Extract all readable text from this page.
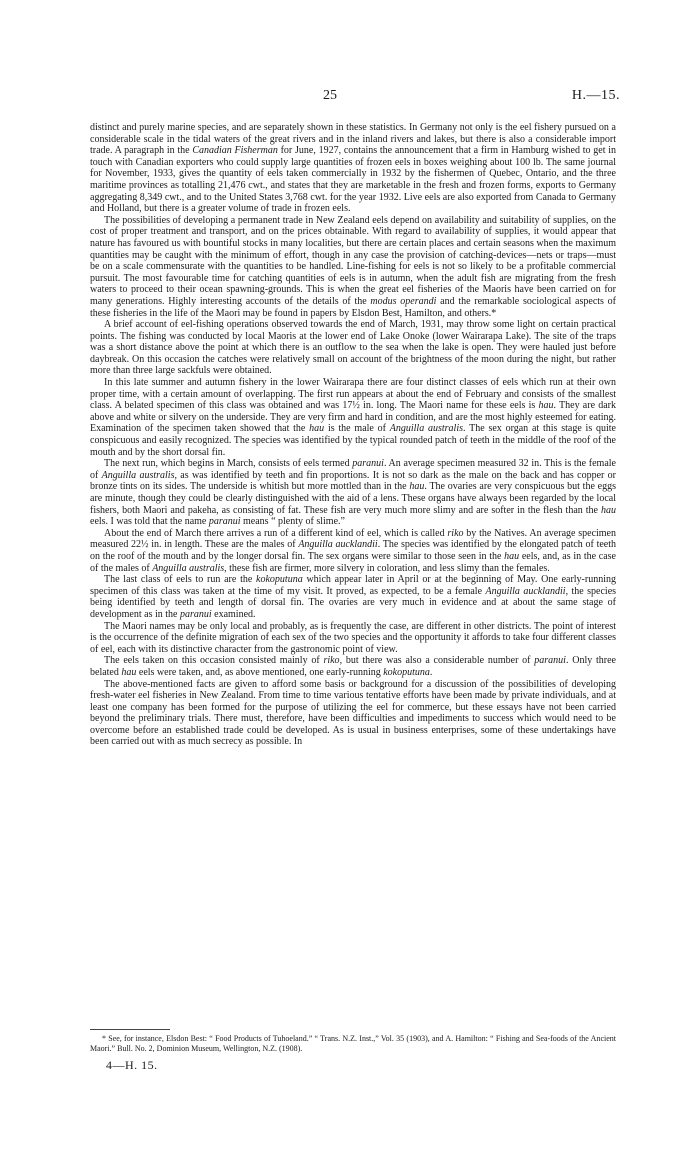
25	H.—15.

distinct and purely marine species, and are separately shown in these statistics. In Germany not only is the eel fishery pursued on a considerable scale in the tidal waters of the great rivers and in the inland rivers and lakes, but there is also a considerable import trade. A paragraph in the Canadian Fisherman for June, 1927, contains the announcement that a firm in Hamburg wished to get in touch with Canadian exporters who could supply large quantities of frozen eels in boxes weighing about 100 lb. The same journal for November, 1933, gives the quantity of eels taken commercially in 1932 by the fishermen of Quebec, Ontario, and the three maritime provinces as totalling 21,476 cwt., and states that they are marketable in the fresh and frozen forms, exports to Germany aggregating 8,349 cwt., and to the United States 3,768 cwt. for the year 1932. Live eels are also exported from Canada to Germany and Holland, but there is a greater volume of trade in frozen eels.

The possibilities of developing a permanent trade in New Zealand eels depend on availability and suitability of supplies, on the cost of proper treatment and transport, and on the prices obtainable. With regard to availability of supplies, it would appear that nature has favoured us with bountiful stocks in many localities, but there are certain places and certain seasons when the maximum quantities may be caught with the minimum of effort, though in any case the provision of catching-devices—nets or traps—must be on a scale commensurate with the quantities to be handled. Line-fishing for eels is not so likely to be a profitable commercial pursuit. The most favourable time for catching quantities of eels is in autumn, when the adult fish are migrating from the fresh waters to proceed to their ocean spawning-grounds. This is when the great eel fisheries of the Maoris have been carried on for many generations. Highly interesting accounts of the details of the modus operandi and the remarkable sociological aspects of these fisheries in the life of the Maori may be found in papers by Elsdon Best, Hamilton, and others.*

A brief account of eel-fishing operations observed towards the end of March, 1931, may throw some light on certain practical points. The fishing was conducted by local Maoris at the lower end of Lake Onoke (lower Wairarapa Lake). The site of the traps was a short distance above the point at which there is an outflow to the sea when the lake is open. They were hauled just before daybreak. On this occasion the catches were relatively small on account of the brightness of the moon during the night, but rather more than three large sackfuls were obtained.

In this late summer and autumn fishery in the lower Wairarapa there are four distinct classes of eels which run at their own proper time, with a certain amount of overlapping. The first run appears at about the end of February and consists of the smallest class. A belated specimen of this class was obtained and was 17½ in. long. The Maori name for these eels is hau. They are dark above and white or silvery on the underside. They are very firm and hard in condition, and are the most highly esteemed for eating. Examination of the specimen taken showed that the hau is the male of Anguilla australis. The sex organ at this stage is quite conspicuous and easily recognized. The species was identified by the typical rounded patch of teeth in the middle of the roof of the mouth and by the short dorsal fin.

The next run, which begins in March, consists of eels termed paranui. An average specimen measured 32 in. This is the female of Anguilla australis, as was identified by teeth and fin proportions. It is not so dark as the male on the back and has copper or bronze tints on its sides. The underside is whitish but more mottled than in the hau. The ovaries are very conspicuous but the eggs are minute, though they could be clearly distinguished with the aid of a lens. These organs have always been regarded by the local fishers, both Maori and pakeha, as consisting of fat. These fish are very much more slimy and are softer in the flesh than the hau eels. I was told that the name paranui means “ plenty of slime.”

About the end of March there arrives a run of a different kind of eel, which is called riko by the Natives. An average specimen measured 22½ in. in length. These are the males of Anguilla aucklandii. The species was identified by the elongated patch of teeth on the roof of the mouth and by the longer dorsal fin. The sex organs were similar to those seen in the hau eels, and, as in the case of the males of Anguilla australis, these fish are firmer, more silvery in coloration, and less slimy than the females.

The last class of eels to run are the kokoputuna which appear later in April or at the beginning of May. One early-running specimen of this class was taken at the time of my visit. It proved, as expected, to be a female Anguilla aucklandii, the species being identified by teeth and length of dorsal fin. The ovaries are very much in evidence and at about the same stage of development as in the paranui examined.

The Maori names may be only local and probably, as is frequently the case, are different in other districts. The point of interest is the occurrence of the definite migration of each sex of the two species and the opportunity it affords to take four different classes of eel, each with its distinctive character from the gastronomic point of view.

The eels taken on this occasion consisted mainly of riko, but there was also a considerable number of paranui. Only three belated hau eels were taken, and, as above mentioned, one early-running kokoputuna.

The above-mentioned facts are given to afford some basis or background for a discussion of the possibilities of developing fresh-water eel fisheries in New Zealand. From time to time various tentative efforts have been made by private individuals, and at least one company has been formed for the purpose of utilizing the eel for commerce, but these essays have not been carried beyond the preliminary trials. There must, therefore, have been difficulties and impediments to success which would need to be overcome before an established trade could be developed. As is usual in business enterprises, some of these undertakings have been carried out with as much secrecy as possible. In

* See, for instance, Elsdon Best: “ Food Products of Tuhoeland.” “ Trans. N.Z. Inst.,” Vol. 35 (1903), and A. Hamilton: “ Fishing and Sea-foods of the Ancient Maori.” Bull. No. 2, Dominion Museum, Wellington, N.Z. (1908).

4—H. 15.
